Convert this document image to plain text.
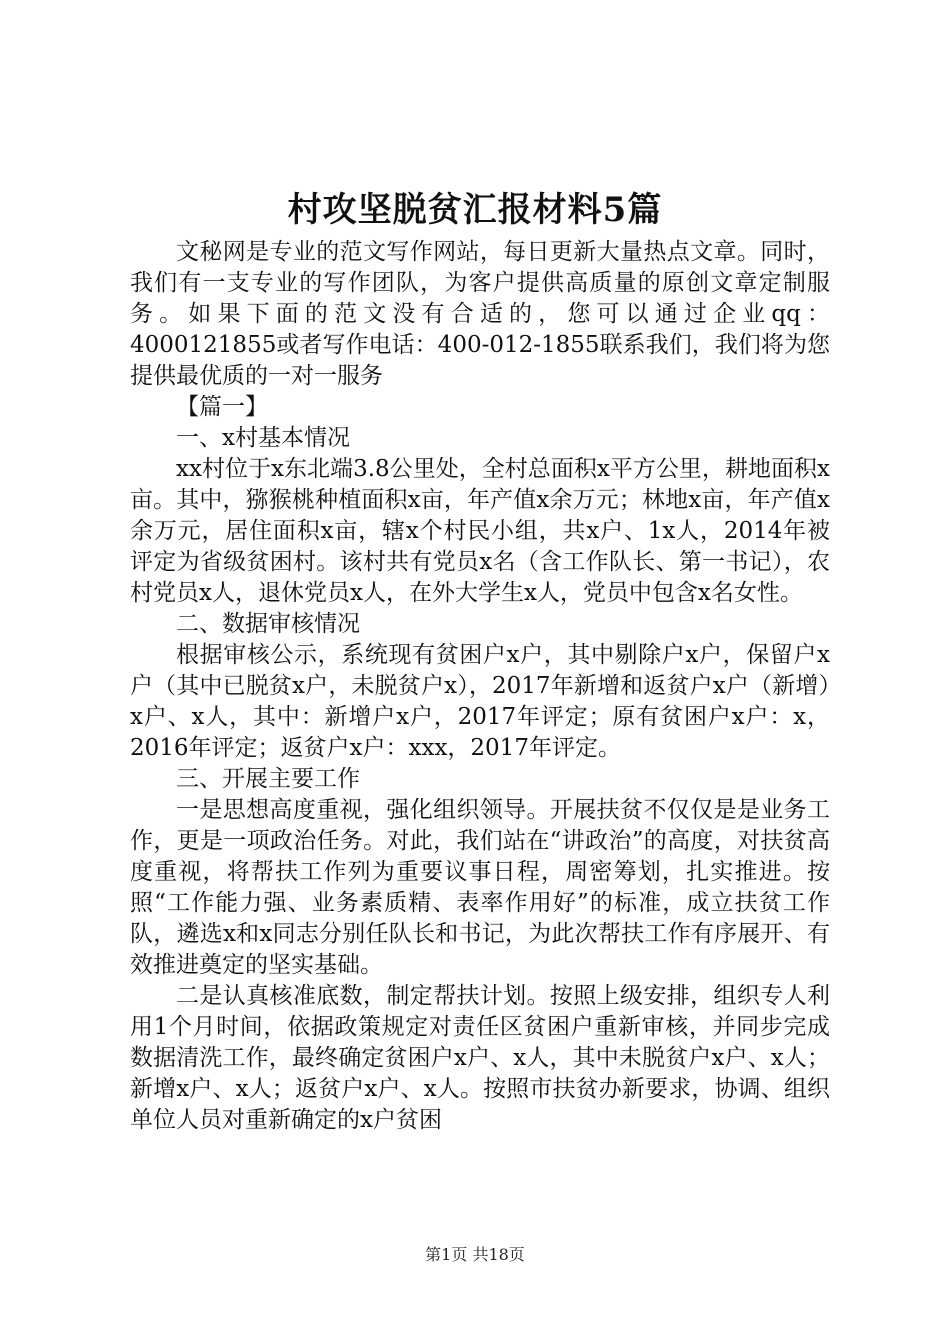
村攻坚脱贫汇报材料5篇

文秘网是专业的范文写作网站，每日更新大量热点文章。同时，我们有一支专业的写作团队，为客户提供高质量的原创文章定制服务。如果下面的范文没有合适的，您可以通过企业qq：4000121855或者写作电话：400-012-1855联系我们，我们将为您提供最优质的一对一服务

【篇一】

一、x村基本情况

xx村位于x东北端3.8公里处，全村总面积x平方公里，耕地面积x亩。其中，猕猴桃种植面积x亩，年产值x余万元；林地x亩，年产值x余万元，居住面积x亩，辖x个村民小组，共x户、1x人，2014年被评定为省级贫困村。该村共有党员x名（含工作队长、第一书记），农村党员x人，退休党员x人，在外大学生x人，党员中包含x名女性。

二、数据审核情况

根据审核公示，系统现有贫困户x户，其中剔除户x户，保留户x户（其中已脱贫x户，未脱贫户x），2017年新增和返贫户x户（新增）x户、x人，其中：新增户x户，2017年评定；原有贫困户x户：x，2016年评定；返贫户x户：xxx，2017年评定。

三、开展主要工作

一是思想高度重视，强化组织领导。开展扶贫不仅仅是是业务工作，更是一项政治任务。对此，我们站在“讲政治”的高度，对扶贫高度重视，将帮扶工作列为重要议事日程，周密筹划，扎实推进。按照“工作能力强、业务素质精、表率作用好”的标准，成立扶贫工作队，遴选x和x同志分别任队长和书记，为此次帮扶工作有序展开、有效推进奠定的坚实基础。

二是认真核准底数，制定帮扶计划。按照上级安排，组织专人利用1个月时间，依据政策规定对责任区贫困户重新审核，并同步完成数据清洗工作，最终确定贫困户x户、x人，其中未脱贫户x户、x人；新增x户、x人；返贫户x户、x人。按照市扶贫办新要求，协调、组织单位人员对重新确定的x户贫困

第1页 共18页
